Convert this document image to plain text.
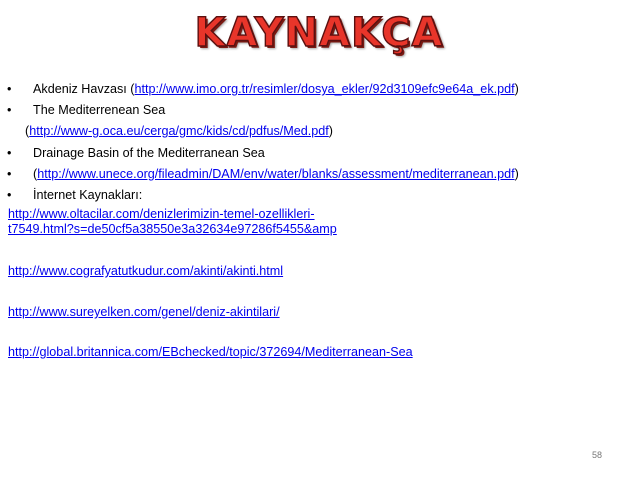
KAYNAKÇA
• Akdeniz Havzası (http://www.imo.org.tr/resimler/dosya_ekler/92d3109efc9e64a_ek.pdf)
• The Mediterrenean Sea
(http://www-g.oca.eu/cerga/gmc/kids/cd/pdfus/Med.pdf)
• Drainage Basin of the Mediterranean Sea
• (http://www.unece.org/fileadmin/DAM/env/water/blanks/assessment/mediterranean.pdf)
• İnternet Kaynakları:
http://www.oltacilar.com/denizlerimizin-temel-ozellikleri-
t7549.html?s=de50cf5a38550e3a32634e97286f5455&amp
http://www.cografyatutkudur.com/akinti/akinti.html
http://www.sureyelken.com/genel/deniz-akintilari/
http://global.britannica.com/EBchecked/topic/372694/Mediterranean-Sea
58
